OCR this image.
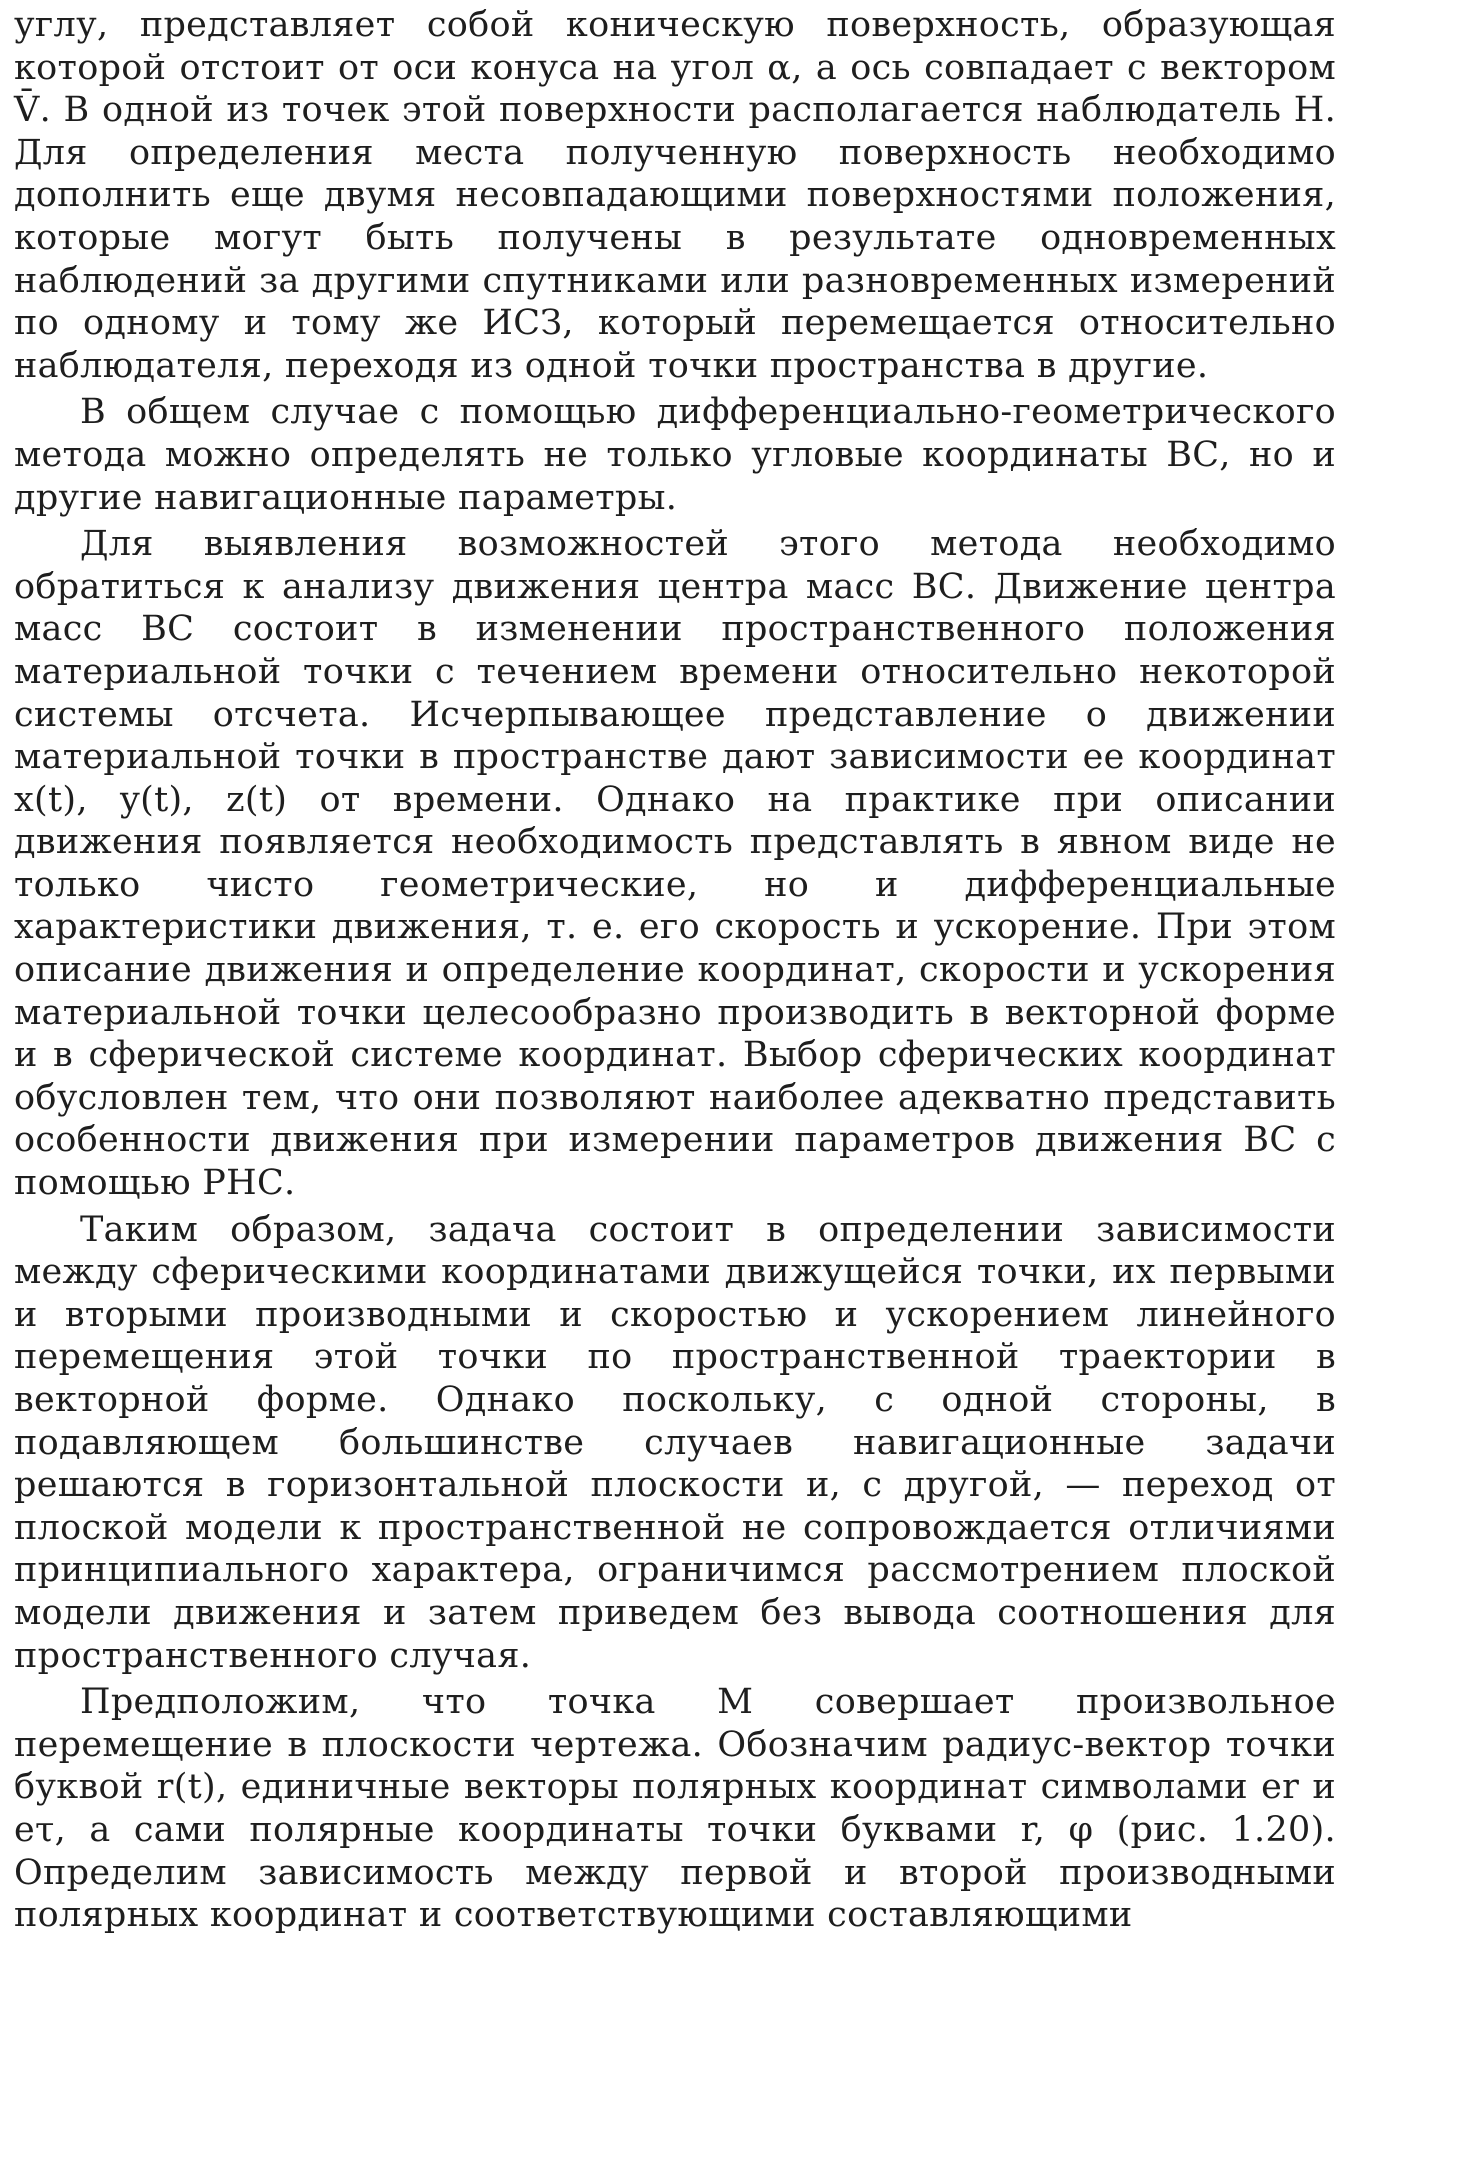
углу, представляет собой коническую поверхность, образующая которой отстоит от оси конуса на угол α, а ось совпадает с вектором V̄. В одной из точек этой поверхности располагается наблюдатель H. Для определения места полученную поверхность необходимо дополнить еще двумя несовпадающими поверхностями положения, которые могут быть получены в результате одновременных наблюдений за другими спутниками или разновременных измерений по одному и тому же ИСЗ, который перемещается относительно наблюдателя, переходя из одной точки пространства в другие.

В общем случае с помощью дифференциально-геометрического метода можно определять не только угловые координаты ВС, но и другие навигационные параметры.

Для выявления возможностей этого метода необходимо обратиться к анализу движения центра масс ВС. Движение центра масс ВС состоит в изменении пространственного положения материальной точки с течением времени относительно некоторой системы отсчета. Исчерпывающее представление о движении материальной точки в пространстве дают зависимости ее координат x(t), y(t), z(t) от времени. Однако на практике при описании движения появляется необходимость представлять в явном виде не только чисто геометрические, но и дифференциальные характеристики движения, т. е. его скорость и ускорение. При этом описание движения и определение координат, скорости и ускорения материальной точки целесообразно производить в векторной форме и в сферической системе координат. Выбор сферических координат обусловлен тем, что они позволяют наиболее адекватно представить особенности движения при измерении параметров движения ВС с помощью РНС.

Таким образом, задача состоит в определении зависимости между сферическими координатами движущейся точки, их первыми и вторыми производными и скоростью и ускорением линейного перемещения этой точки по пространственной траектории в векторной форме. Однако поскольку, с одной стороны, в подавляющем большинстве случаев навигационные задачи решаются в горизонтальной плоскости и, с другой, — переход от плоской модели к пространственной не сопровождается отличиями принципиального характера, ограничимся рассмотрением плоской модели движения и затем приведем без вывода соотношения для пространственного случая.

Предположим, что точка M совершает произвольное перемещение в плоскости чертежа. Обозначим радиус-вектор точки буквой r(t), единичные векторы полярных координат символами er и eτ, а сами полярные координаты точки буквами r, φ (рис. 1.20). Определим зависимость между первой и второй производными полярных координат и соответствующими составляющими
